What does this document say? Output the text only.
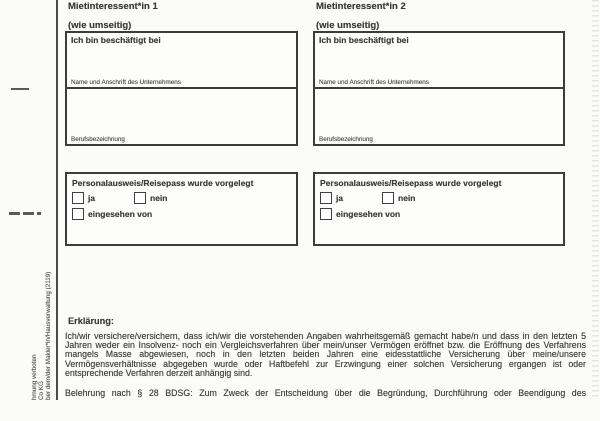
hmung verboten Co KG ber dem/der Makler*in/Hausverwaltung (2119)
Mietinteressent*in 1
(wie umseitig)
Ich bin beschäftigt bei
Name und Anschrift des Unternehmens
Berufsbezeichnung
Personalausweis/Reisepass wurde vorgelegt
ja	nein
eingesehen von
Mietinteressent*in 2
(wie umseitig)
Ich bin beschäftigt bei
Name und Anschrift des Unternehmens
Berufsbezeichnung
Personalausweis/Reisepass wurde vorgelegt
ja	nein
eingesehen von
Erklärung:
Ich/wir versichere/versichern, dass ich/wir die vorstehenden Angaben wahrheitsgemäß gemacht habe/n und dass in den letzten 5 Jahren weder ein Insolvenz- noch ein Vergleichsverfahren über mein/unser Vermögen eröffnet bzw. die Eröffnung des Verfahrens mangels Masse abgewiesen, noch in den letzten beiden Jahren eine eidesstattliche Versicherung über meine/unsere Vermögensverhältnisse abgegeben wurde oder Haftbefehl zur Erzwingung einer solchen Versicherung ergangen ist oder entsprechende Verfahren derzeit anhängig sind.
Belehrung nach § 28 BDSG: Zum Zweck der Entscheidung über die Begründung, Durchführung oder Beendigung des
